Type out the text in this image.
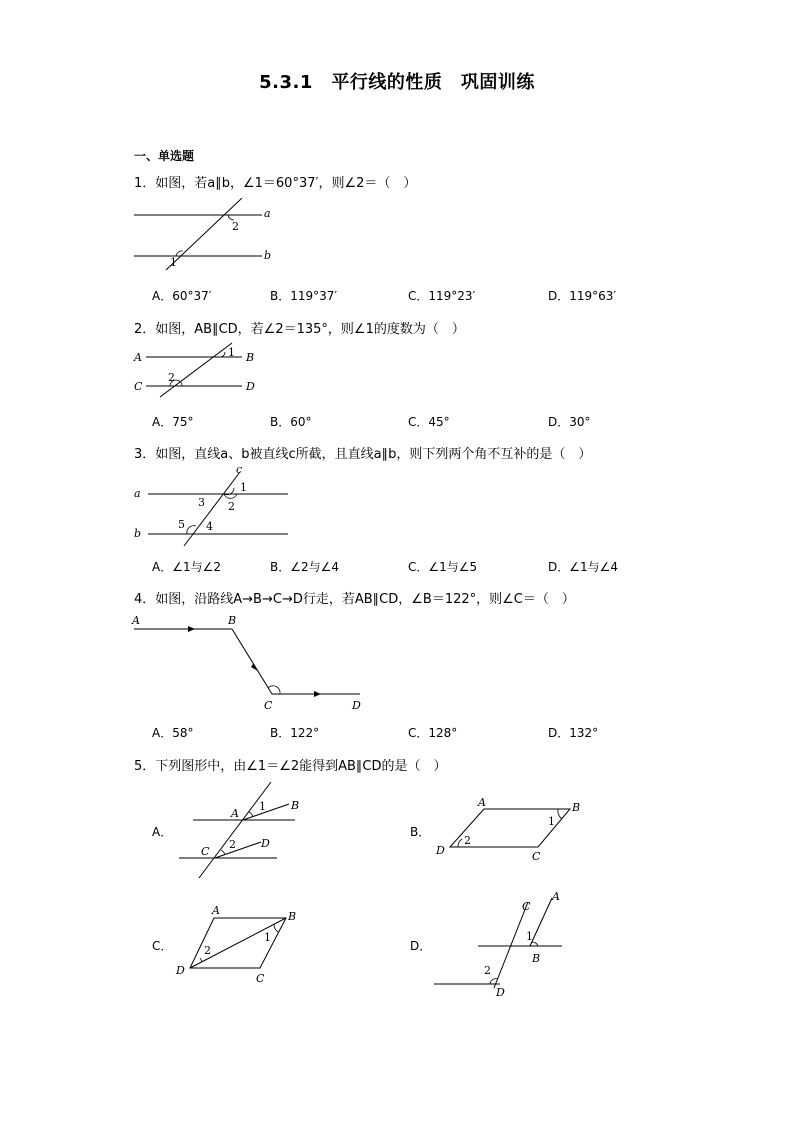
5.3.1　平行线的性质　巩固训练
一、单选题
1．如图，若a∥b，∠1＝60°37′，则∠2＝（　）
a
b
1
2
A．60°37′	B．119°37′	C．119°23′	D．119°63′
2．如图，AB∥CD，若∠2＝135°，则∠1的度数为（　）
A	B
C	D
1
2
A．75°	B．60°	C．45°	D．30°
3．如图，直线a、b被直线c所截，且直线a∥b，则下列两个角不互补的是（　）
a
b
c
1
2
3
4
5
A．∠1与∠2	B．∠2与∠4	C．∠1与∠5	D．∠1与∠4
4．如图，沿路线A→B→C→D行走，若AB∥CD，∠B＝122°，则∠C＝（　）
A	B
C	D
A．58°	B．122°	C．128°	D．132°
5．下列图形中，由∠1＝∠2能得到AB∥CD的是（　）
A．
A
B
C
D
1
2
B．
A	B
C
D
1
2
C．
A	B
C
D
1
2	D．
A
B
C
D
1
2
